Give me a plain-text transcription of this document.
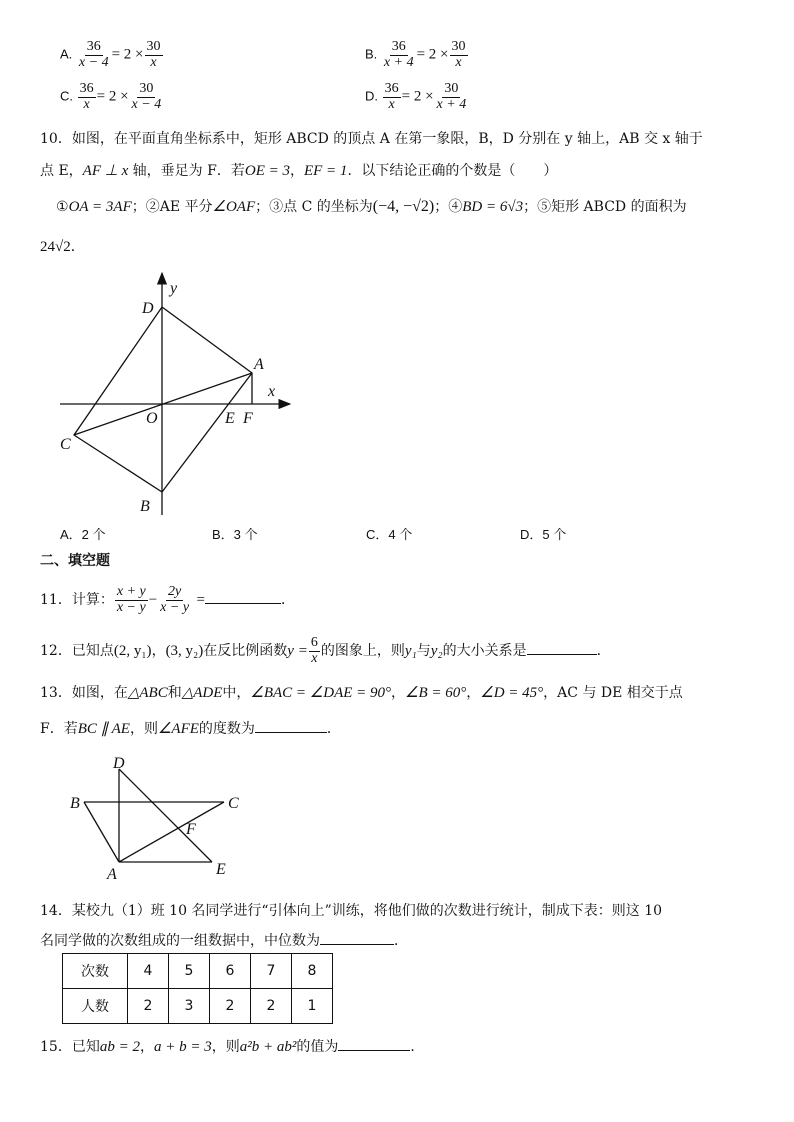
A. $\frac{36}{x - 4} = 2 \times \frac{30}{x}$	B. $\frac{36}{x + 4} = 2 \times \frac{30}{x}$
C. $\frac{36}{x} = 2 \times \frac{30}{x - 4}$	D. $\frac{36}{x} = 2 \times \frac{30}{x + 4}$
10．如图，在平面直角坐标系中，矩形 ABCD 的顶点 A 在第一象限，B，D 分别在 y 轴上，AB 交 x 轴于
点 E，AF ⊥ x 轴，垂足为 F．若OE = 3，EF = 1．以下结论正确的个数是（　　）
①OA = 3AF；②AE 平分∠OAF；③点 C 的坐标为(−4, −√2)；④BD = 6√3；⑤矩形 ABCD 的面积为
24√2．
D
y
A
x
O	E F
C
B
A．2 个	B．3 个	C．4 个	D．5 个
二、填空题
11．计算： $\frac{x + y}{x - y} - \frac{2y}{x - y}$ =	．
12．已知点(2, y₁)，(3, y₂)在反比例函数$y = \frac{6}{x}$ 的图象上，则y₁与y₂的大小关系是	．
13．如图，在△ABC和△ADE中，∠BAC = ∠DAE = 90°，∠B = 60°，∠D = 45°，AC 与 DE 相交于点
F．若BC ∥ AE，则∠AFE的度数为	．
D
B	C
F
A	E
14．某校九（1）班 10 名同学进行“引体向上”训练，将他们做的次数进行统计，制成下表：则这 10
名同学做的次数组成的一组数据中，中位数为	．
次数	4	5	6	7	8
人数	2	3	2	2	1
15．已知ab = 2，a + b = 3，则a²b + ab²的值为	．
